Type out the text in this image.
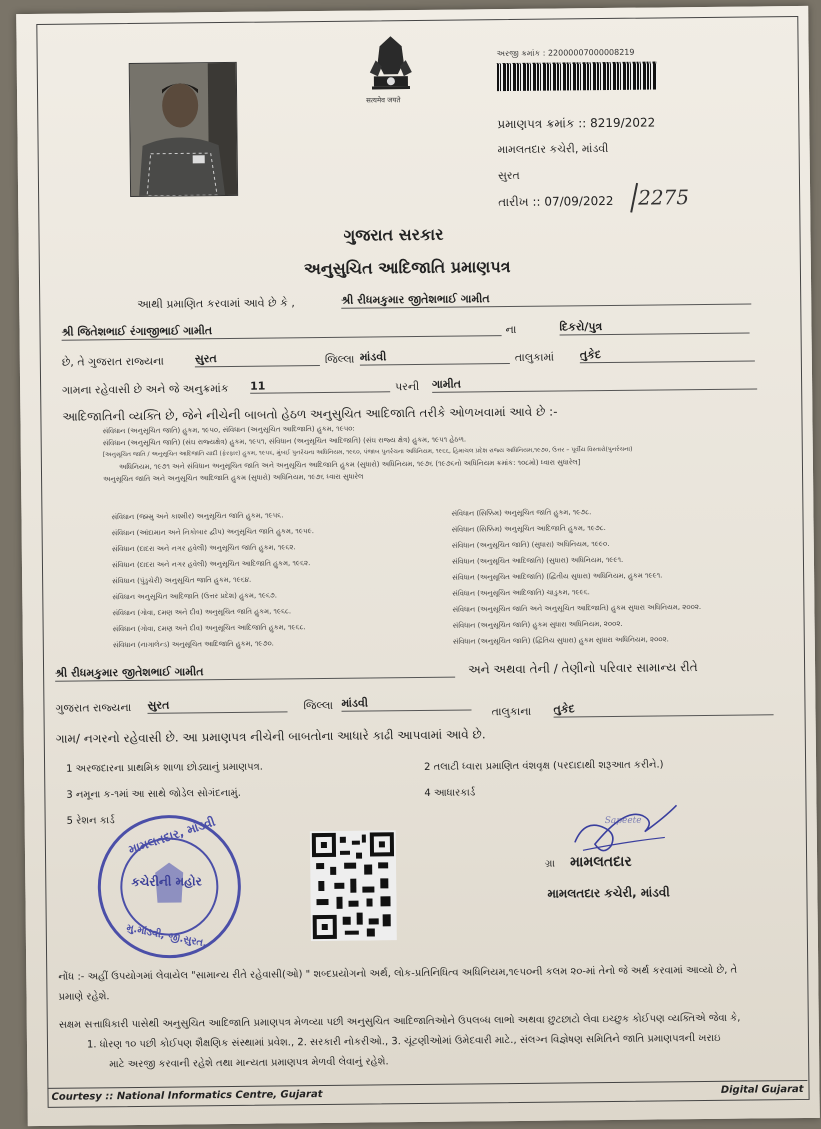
सत्यमेव जयते
અરજી ક્રમાંક : 22000007000008219
પ્રમાણપત્ર ક્રમાંક :: 8219/2022
મામલતદાર કચેરી, માંડવી
સુરત
તારીખ :: 07/09/2022 2275
ગુજરાત સરકાર
અનુસુચિત આદિજાતિ પ્રમાણપત્ર
આથી પ્રમાણિત કરવામાં આવે છે કે ,	શ્રી રીધમકુમાર જીતેશભાઈ ગામીત
શ્રી જિતેશભાઈ રંગાજીભાઈ ગામીત	ના	દિકરો/પુત્ર
છે, તે ગુજરાત રાજ્યના	સુરત	જિલ્લા માંડવી	તાલુકામાં તુકેદ
ગામના રહેવાસી છે અને જે અનુક્રમાંક 11	પરની ગામીત
આદિજાતિની વ્યક્તિ છે, જેને નીચેની બાબતો હેઠળ અનુસુચિત આદિજાતિ તરીકે ઓળખવામાં આવે છે :-
સંવિધાન (અનુસૂચિત જાતિ) હુકમ, ૧૯૫૦, સંવિધાન (અનુસૂચિત આદિજાતિ) હુકમ, ૧૯૫૦:
સંવિધાન (અનુસૂચિત જાતિ) (સંઘ રાજ્યક્ષેત્ર) હુકમ, ૧૯૫૧, સંવિધાન (અનુસૂચિત આદિજાતિ) (સંઘ રાજ્ય ક્ષેત્ર) હુકમ, ૧૯૫૧ હેઠળ.
[અનુસૂચિત જાતિ / અનુસૂચિત આદિજાતિ યાદી (ફેરફાર) હુકમ, ૧૯૫૬, મુંબઈ પુનર્રચના અધિનિયમ, ૧૯૬૦, પંજાબ પુનર્રચના અધિનિયમ, ૧૯૬૬, હિમાચલ પ્રદેશ રાજ્ય અધિનિયમ,૧૯૭૦, ઉત્તર – પૂર્વીય વિસ્તારો(પુનર્રચના)
અધિનિયમ, ૧૯૭૧ અને સંવિધાન અનુસૂચિત જાતિ અને અનુસૂચિત આદિજાતિ હુકમ (સુધારો) અધિનિયમ, ૧૯૭૬ (૧૯૭૬નો અધિનિયમ ક્રમાંક: ૧૦૮મો) ધ્વારા સુધારેલ]
અનુસૂચિત જાતિ અને અનુસૂચિત આદિજાતિ હુકમ (સુધારો) અધિનિયમ, ૧૯૭૬ ધ્વારા સુધારેલ
સંવિધાન (જમ્મુ અને કાશ્મીર) અનુસૂચિત જાતિ હુકમ, ૧૯૫૬.
સંવિધાન (આંદામાન અને નિકોબાર દ્વીપ) અનુસૂચિત જાતિ હુકમ, ૧૯૫૯.
સંવિધાન (દાદરા અને નગર હવેલી) અનુસૂચિત જાતિ હુકમ, ૧૯૬૨.
સંવિધાન (દાદરા અને નગર હવેલી) અનુસૂચિત આદિજાતિ હુકમ, ૧૯૬૨.
સંવિધાન (પુંડુચેરી) અનુસૂચિત જાતિ હુકમ, ૧૯૬૪.
સંવિધાન અનુસૂચિત આદિજાતિ (ઉત્તર પ્રદેશ) હુકમ, ૧૯૬૭.
સંવિધાન (ગોવા, દમણ અને દીવ) અનુસૂચિત જાતિ હુકમ, ૧૯૬૮.
સંવિધાન (ગોવા, દમણ અને દીવ) અનુસૂચિત આદિજાતિ હુકમ, ૧૯૬૮.
સંવિધાન (નાગાલેન્ડ) અનુસૂચિત આદિજાતિ હુકમ, ૧૯૭૦.
સંવિધાન (સિક્કિમ) અનુસૂચિત જાતિ હુકમ, ૧૯૭૮.
સંવિધાન (સિક્કિમ) અનુસૂચિત આદિજાતિ હુકમ, ૧૯૭૮.
સંવિધાન (અનુસૂચિત જાતિ) (સુધારા) અધિનિયમ, ૧૯૯૦.
સંવિધાન (અનુસૂચિત આદિજાતિ) (સુધારા) અધિનિયમ, ૧૯૯૧.
સંવિધાન (અનુસૂચિત આદિજાતિ) (દ્વિતીય સુધારા) અધિનિયમ, હુકમ ૧૯૯૧.
સંવિધાન (અનુસૂચિત આદિજાતિ) ચાડુકમ, ૧૯૯૬.
સંવિધાન (અનુસૂચિત જાતિ અને અનુસૂચિત આદિજાતિ) હુકમ સુધારા અધિનિયમ, ૨૦૦૨.
સંવિધાન (અનુસૂચિત જાતિ) હુકમ સુધારા અધિનિયમ, ૨૦૦૨.
સંવિધાન (અનુસૂચિત જાતિ) (દ્વિતિય સુધારા) હુકમ સુધારા અધિનિયમ, ૨૦૦૨.
શ્રી રીધમકુમાર જીતેશભાઈ ગામીત	અને અથવા તેની / તેણીનો પરિવાર સામાન્ય રીતે
ગુજરાત રાજ્યના સુરત	જિલ્લા માંડવી
તાલુકાના તુકેદ
ગામ/ નગરનો રહેવાસી છે. આ પ્રમાણપત્ર નીચેની બાબતોના આધારે કાઢી આપવામાં આવે છે.
1 અરજદારના પ્રાથમિક શાળા છોડ્યાનું પ્રમાણપત્ર.	2 તલાટી ધ્વારા પ્રમાણિત વંશવૃક્ષ (પરદાદાથી શરૂઆત કરીને.)
3 નમૂના ક-૧માં આ સાથે જોડેલ સોગંદનામું.	4 આધારકાર્ડ
5 રેશન કાર્ડ મામલતદાર, માંડવી
કચેરીની મહોર
મુ.માંડવી, જી.સુરત.
Sapeete
ગ્રા મામલતદાર
મામલતદાર કચેરી, માંડવી
નોંધ :- અહીં ઉપયોગમાં લેવાયેલ "સામાન્ય રીતે રહેવાસી(ઓ) " શબ્દપ્રયોગનો અર્થ, લોક-પ્રતિનિધિત્વ અધિનિયમ,૧૯૫૦ની કલમ ૨૦-માં તેનો જે અર્થ કરવામાં આવ્યો છે, તે
પ્રમાણે રહેશે.
સક્ષમ સત્તાધિકારી પાસેથી અનુસુચિત આદિજાતિ પ્રમાણપત્ર મેળવ્યા પછી અનુસુચિત આદિજાતિઓને ઉપલબ્ધ લાભો અથવા છુટછાટો લેવા ઇચ્છુક કોઈપણ વ્યક્તિએ જેવા કે,
1. ધોરણ ૧૦ પછી કોઈપણ શૈક્ષણિક સંસ્થામાં પ્રવેશ., 2. સરકારી નોકરીઓ., 3. ચૂંટણીઓમાં ઉમેદવારી માટે., સંલગ્ન વિજ્ઞેષણ સમિતિને જાતિ પ્રમાણપત્રની ખરાઇ
માટે અરજી કરવાની રહેશે તથા માન્યતા પ્રમાણપત્ર મેળવી લેવાનું રહેશે.
Courtesy :: National Informatics Centre, Gujarat	Digital Gujarat
